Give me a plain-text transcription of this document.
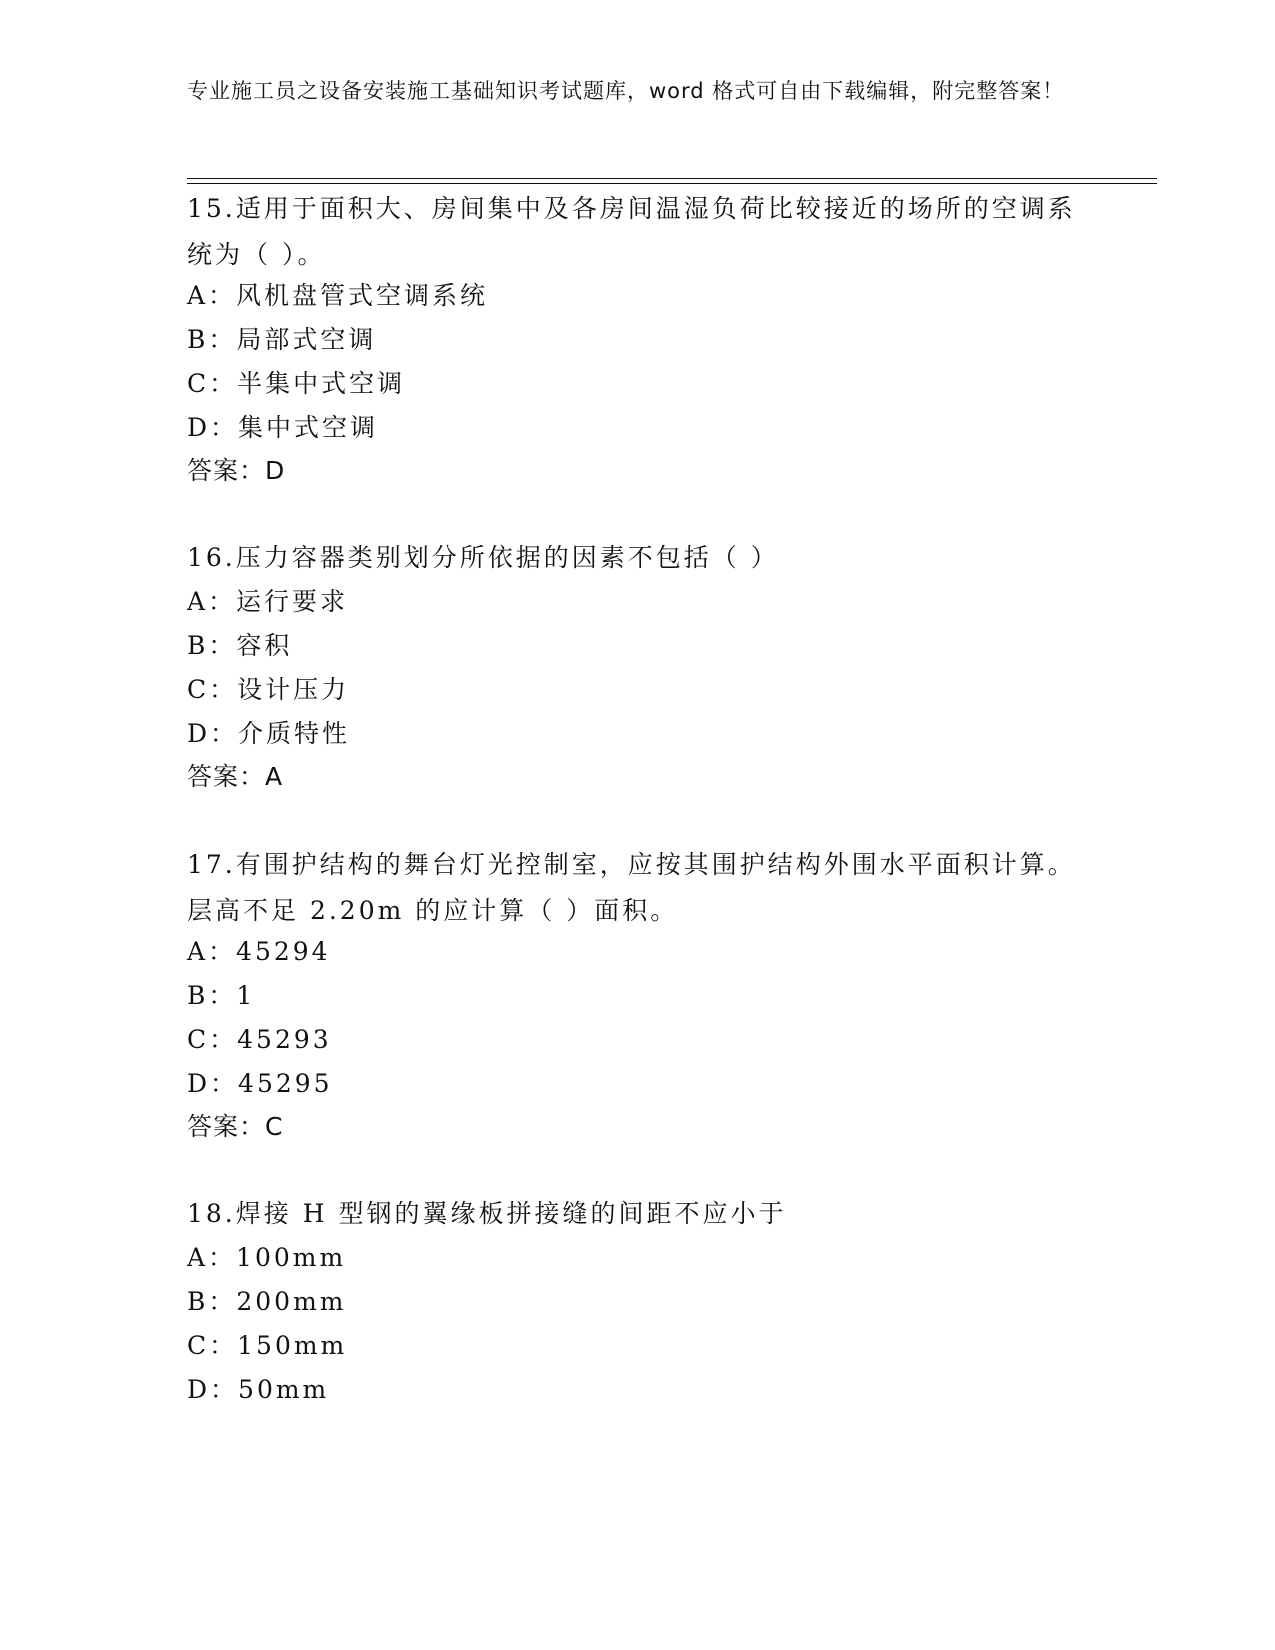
专业施工员之设备安装施工基础知识考试题库，word 格式可自由下载编辑，附完整答案！

15.适用于面积大、房间集中及各房间温湿负荷比较接近的场所的空调系统为（ ）。

A：风机盘管式空调系统

B：局部式空调

C：半集中式空调

D：集中式空调

答案：D

16.压力容器类别划分所依据的因素不包括（ ）

A：运行要求

B：容积

C：设计压力

D：介质特性

答案：A

17.有围护结构的舞台灯光控制室，应按其围护结构外围水平面积计算。层高不足 2.20m 的应计算（ ）面积。

A：45294

B：1

C：45293

D：45295

答案：C

18.焊接 H 型钢的翼缘板拼接缝的间距不应小于

A：100mm

B：200mm

C：150mm

D：50mm
